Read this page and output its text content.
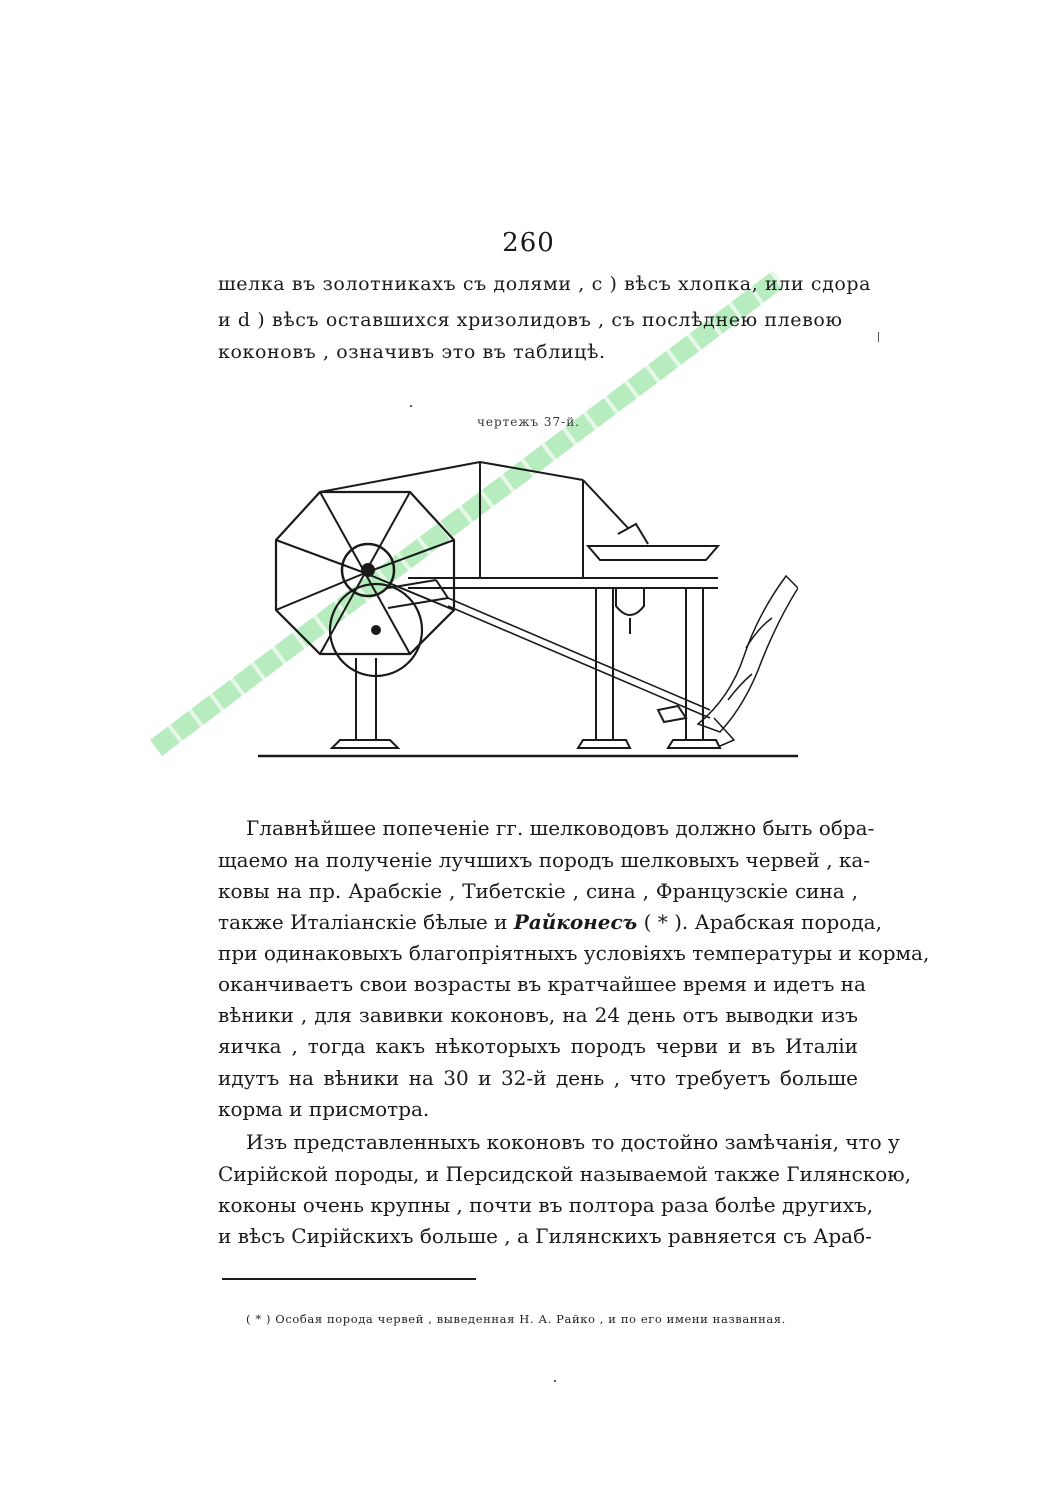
260
шелка въ золотникахъ съ долями , с ) вѣсъ хлопка, или сдора
и d ) вѣсъ оставшихся хризолидовъ , съ послѣднею плевою
коконовъ , означивъ это въ таблицѣ.
чертежъ 37-й.
Главнѣйшее попеченіе гг. шелководовъ должно быть обра-
щаемо на полученіе лучшихъ породъ шелковыхъ червей , ка-
ковы на пр. Арабскіе , Тибетскіе , сина , Французскіе сина ,
также Италіанскіе бѣлые и Райконесъ ( * ). Арабская порода,
при одинаковыхъ благопріятныхъ условіяхъ температуры и корма,
оканчиваетъ свои возрасты въ кратчайшее время и идетъ на
вѣники , для завивки коконовъ, на 24 день отъ выводки изъ
яичка , тогда какъ нѣкоторыхъ породъ черви и въ Италіи
идутъ на вѣники на 30 и 32-й день , что требуетъ больше
корма и присмотра.
Изъ представленныхъ коконовъ то достойно замѣчанія, что у
Сирійской породы, и Персидской называемой также Гилянскою,
коконы очень крупны , почти въ полтора раза болѣе другихъ,
и вѣсъ Сирійскихъ больше , а Гилянскихъ равняется съ Араб-
( * ) Особая порода червей , выведенная Н. А. Райко , и по его имени названная.
